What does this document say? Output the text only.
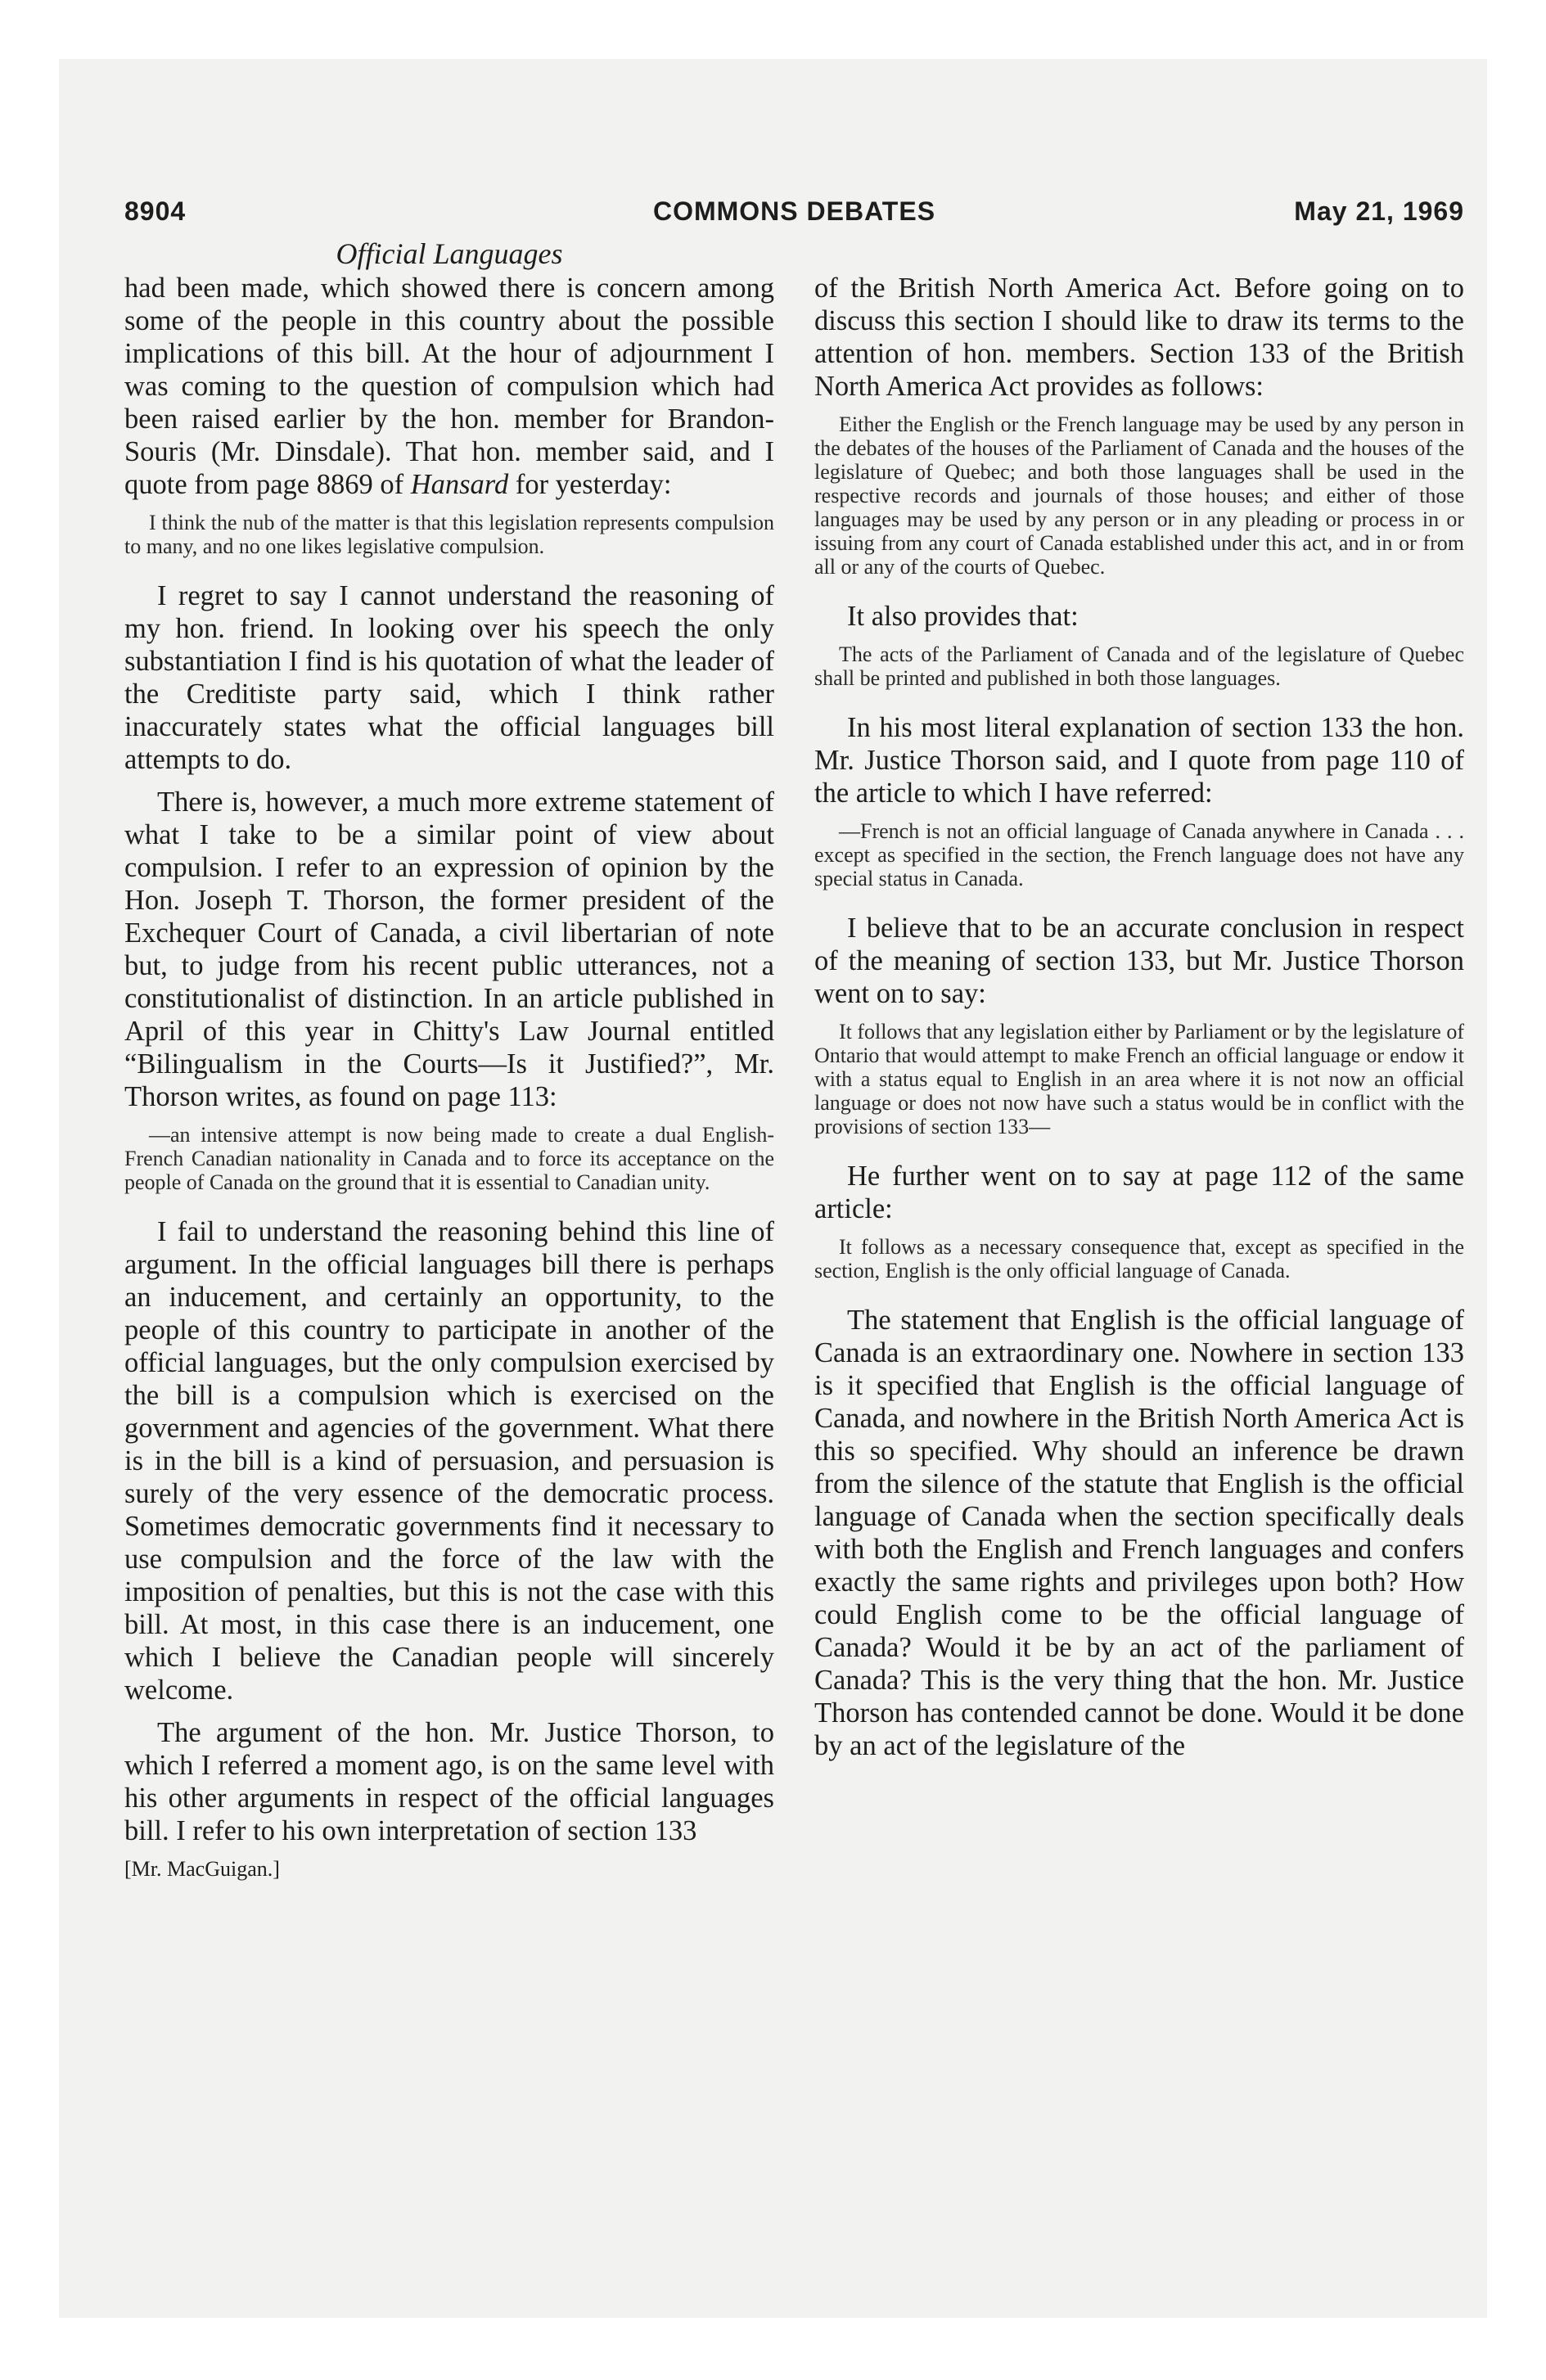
8904	COMMONS DEBATES	May 21, 1969
Official Languages

had been made, which showed there is concern among some of the people in this country about the possible implications of this bill. At the hour of adjournment I was coming to the question of compulsion which had been raised earlier by the hon. member for Brandon-Souris (Mr. Dinsdale). That hon. member said, and I quote from page 8869 of Hansard for yesterday:

I think the nub of the matter is that this legislation represents compulsion to many, and no one likes legislative compulsion.

I regret to say I cannot understand the reasoning of my hon. friend. In looking over his speech the only substantiation I find is his quotation of what the leader of the Creditiste party said, which I think rather inaccurately states what the official languages bill attempts to do.

There is, however, a much more extreme statement of what I take to be a similar point of view about compulsion. I refer to an expression of opinion by the Hon. Joseph T. Thorson, the former president of the Exchequer Court of Canada, a civil libertarian of note but, to judge from his recent public utterances, not a constitutionalist of distinction. In an article published in April of this year in Chitty's Law Journal entitled “Bilingualism in the Courts—Is it Justified?”, Mr. Thorson writes, as found on page 113:

—an intensive attempt is now being made to create a dual English-French Canadian nationality in Canada and to force its acceptance on the people of Canada on the ground that it is essential to Canadian unity.

I fail to understand the reasoning behind this line of argument. In the official languages bill there is perhaps an inducement, and certainly an opportunity, to the people of this country to participate in another of the official languages, but the only compulsion exercised by the bill is a compulsion which is exercised on the government and agencies of the government. What there is in the bill is a kind of persuasion, and persuasion is surely of the very essence of the democratic process. Sometimes democratic governments find it necessary to use compulsion and the force of the law with the imposition of penalties, but this is not the case with this bill. At most, in this case there is an inducement, one which I believe the Canadian people will sincerely welcome.

The argument of the hon. Mr. Justice Thorson, to which I referred a moment ago, is on the same level with his other arguments in respect of the official languages bill. I refer to his own interpretation of section 133

[Mr. MacGuigan.]

of the British North America Act. Before going on to discuss this section I should like to draw its terms to the attention of hon. members. Section 133 of the British North America Act provides as follows:

Either the English or the French language may be used by any person in the debates of the houses of the Parliament of Canada and the houses of the legislature of Quebec; and both those languages shall be used in the respective records and journals of those houses; and either of those languages may be used by any person or in any pleading or process in or issuing from any court of Canada established under this act, and in or from all or any of the courts of Quebec.

It also provides that:

The acts of the Parliament of Canada and of the legislature of Quebec shall be printed and published in both those languages.

In his most literal explanation of section 133 the hon. Mr. Justice Thorson said, and I quote from page 110 of the article to which I have referred:

—French is not an official language of Canada anywhere in Canada . . . except as specified in the section, the French language does not have any special status in Canada.

I believe that to be an accurate conclusion in respect of the meaning of section 133, but Mr. Justice Thorson went on to say:

It follows that any legislation either by Parliament or by the legislature of Ontario that would attempt to make French an official language or endow it with a status equal to English in an area where it is not now an official language or does not now have such a status would be in conflict with the provisions of section 133—

He further went on to say at page 112 of the same article:

It follows as a necessary consequence that, except as specified in the section, English is the only official language of Canada.

The statement that English is the official language of Canada is an extraordinary one. Nowhere in section 133 is it specified that English is the official language of Canada, and nowhere in the British North America Act is this so specified. Why should an inference be drawn from the silence of the statute that English is the official language of Canada when the section specifically deals with both the English and French languages and confers exactly the same rights and privileges upon both? How could English come to be the official language of Canada? Would it be by an act of the parliament of Canada? This is the very thing that the hon. Mr. Justice Thorson has contended cannot be done. Would it be done by an act of the legislature of the
